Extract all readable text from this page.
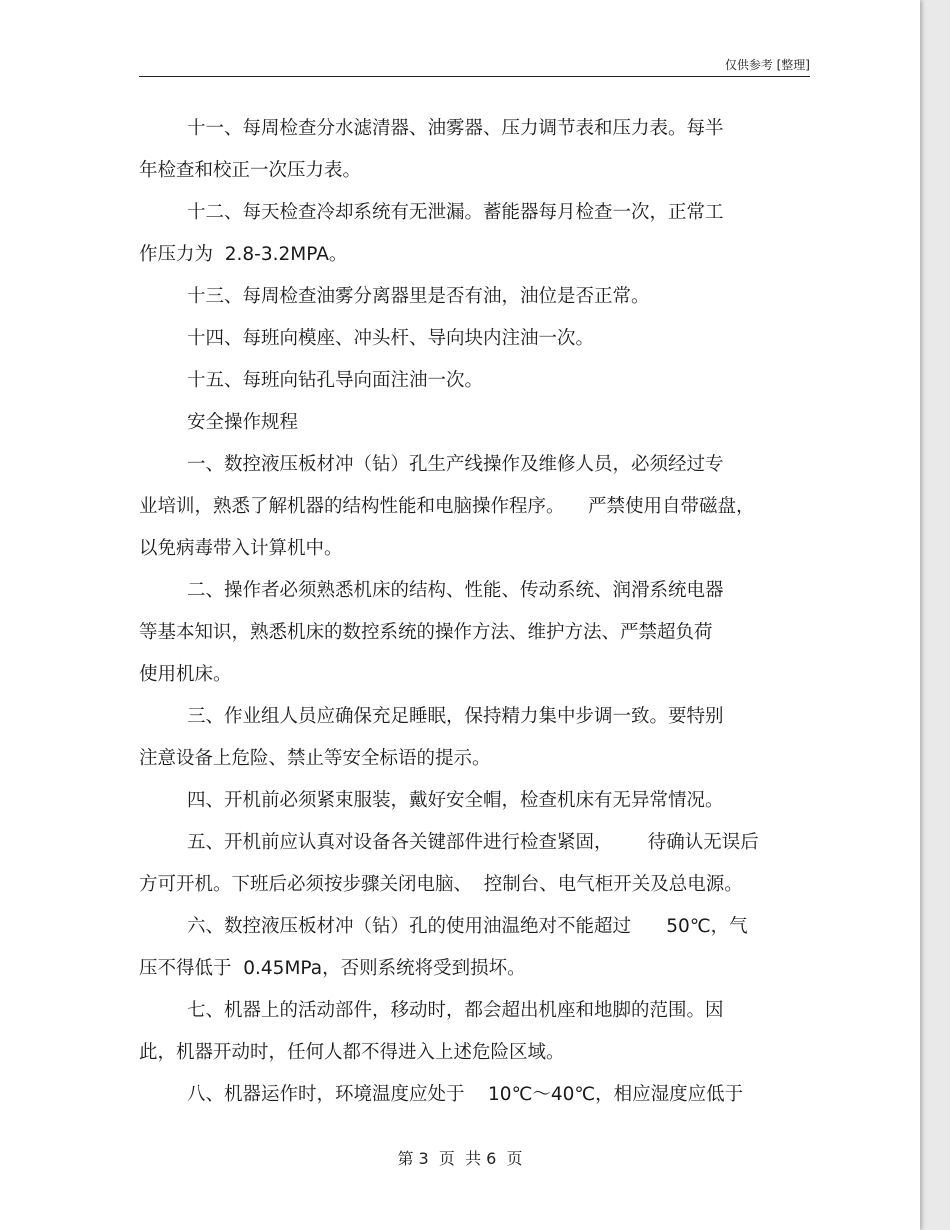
仅供参考 [整理]

十一、每周检查分水滤清器、油雾器、压力调节表和压力表。每半

年检查和校正一次压力表。

十二、每天检查冷却系统有无泄漏。蓄能器每月检查一次，正常工

作压力为  2.8-3.2MPA。

十三、每周检查油雾分离器里是否有油，油位是否正常。

十四、每班向模座、冲头杆、导向块内注油一次。

十五、每班向钻孔导向面注油一次。

安全操作规程

一、数控液压板材冲（钻）孔生产线操作及维修人员，必须经过专

业培训，熟悉了解机器的结构性能和电脑操作程序。    严禁使用自带磁盘，

以免病毒带入计算机中。

二、操作者必须熟悉机床的结构、性能、传动系统、润滑系统电器

等基本知识，熟悉机床的数控系统的操作方法、维护方法、严禁超负荷

使用机床。

三、作业组人员应确保充足睡眠，保持精力集中步调一致。要特别

注意设备上危险、禁止等安全标语的提示。

四、开机前必须紧束服装，戴好安全帽，检查机床有无异常情况。

五、开机前应认真对设备各关键部件进行检查紧固，      待确认无误后

方可开机。下班后必须按步骤关闭电脑、  控制台、电气柜开关及总电源。

六、数控液压板材冲（钻）孔的使用油温绝对不能超过      50℃，气

压不得低于  0.45MPa，否则系统将受到损坏。

七、机器上的活动部件，移动时，都会超出机座和地脚的范围。因

此，机器开动时，任何人都不得进入上述危险区域。

八、机器运作时，环境温度应处于    10℃～40℃，相应湿度应低于

第 3  页  共 6  页
